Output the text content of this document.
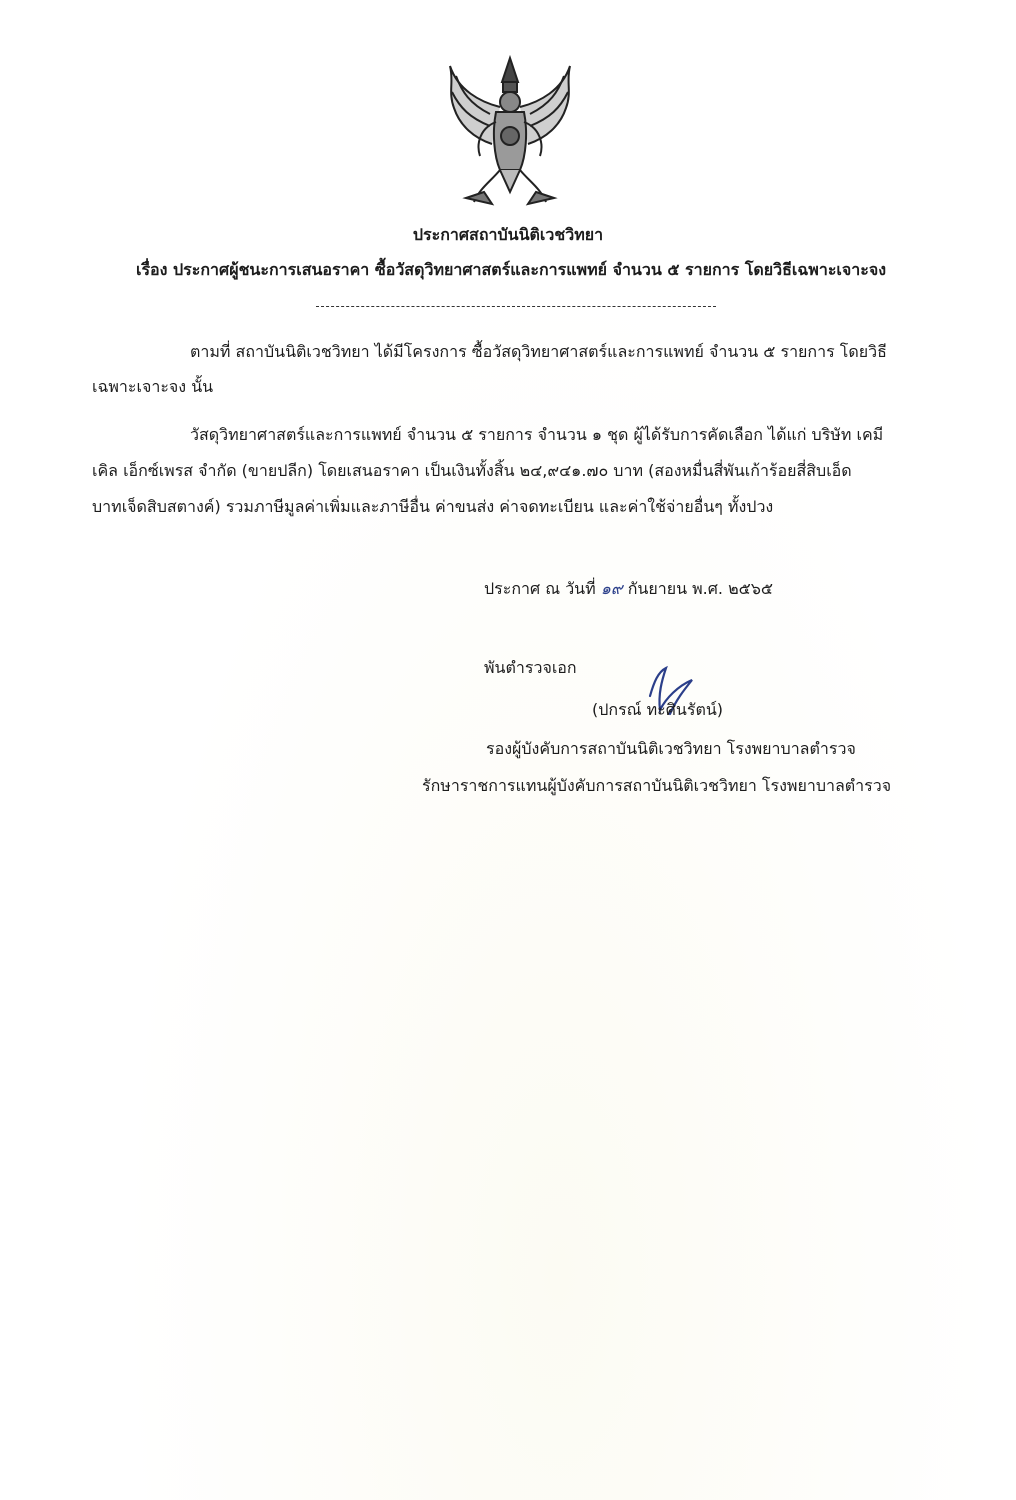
ประกาศสถาบันนิติเวชวิทยา
เรื่อง ประกาศผู้ชนะการเสนอราคา ซื้อวัสดุวิทยาศาสตร์และการแพทย์ จำนวน ๕ รายการ โดยวิธีเฉพาะเจาะจง
ตามที่ สถาบันนิติเวชวิทยา ได้มีโครงการ ซื้อวัสดุวิทยาศาสตร์และการแพทย์ จำนวน ๕ รายการ โดยวิธี
เฉพาะเจาะจง นั้น
วัสดุวิทยาศาสตร์และการแพทย์ จำนวน ๕ รายการ จำนวน ๑ ชุด ผู้ได้รับการคัดเลือก ได้แก่ บริษัท เคมี
เคิล เอ็กซ์เพรส จำกัด (ขายปลีก) โดยเสนอราคา เป็นเงินทั้งสิ้น ๒๔,๙๔๑.๗๐ บาท (สองหมื่นสี่พันเก้าร้อยสี่สิบเอ็ด
บาทเจ็ดสิบสตางค์) รวมภาษีมูลค่าเพิ่มและภาษีอื่น ค่าขนส่ง ค่าจดทะเบียน และค่าใช้จ่ายอื่นๆ ทั้งปวง
ประกาศ ณ วันที่ ๑๙ กันยายน พ.ศ. ๒๕๖๕
พันตำรวจเอก
(ปกรณ์ ทะศินรัตน์)
รองผู้บังคับการสถาบันนิติเวชวิทยา โรงพยาบาลตำรวจ
รักษาราชการแทนผู้บังคับการสถาบันนิติเวชวิทยา โรงพยาบาลตำรวจ
